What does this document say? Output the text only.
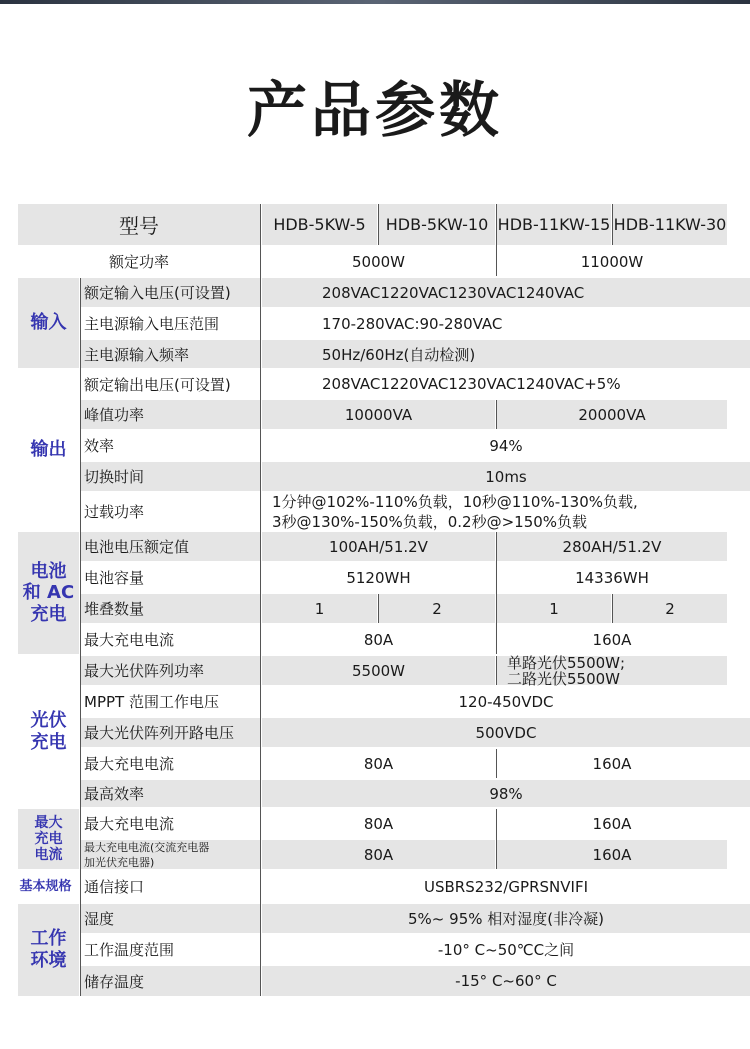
产品参数
型号	HDB-5KW-5	HDB-5KW-10 HDB-11KW-15 HDB-11KW-30
额定功率	5000W	11000W
输入
额定输入电压(可设置)	208VAC1220VAC1230VAC1240VAC
主电源输入电压范围	170-280VAC:90-280VAC
主电源输入频率	50Hz/60Hz(自动检测)
输出
额定输出电压(可设置)	208VAC1220VAC1230VAC1240VAC+5%
峰值功率	10000VA	20000VA
效率	94%
切换时间	10ms
过载功率
1分钟@102%-110%负载，10秒@110%-130%负载,
3秒@130%-150%负载，0.2秒@>150%负载
电池
和 AC
充电
电池电压额定值	100AH/51.2V	280AH/51.2V
电池容量	5120WH	14336WH
堆叠数量	1	2	1	2
最大充电电流	80A	160A
光伏
充电
最大光伏阵列功率	5500W	单路光伏5500W;
二路光伏5500W
MPPT 范围工作电压	120-450VDC
最大光伏阵列开路电压	500VDC
最大充电电流	80A	160A
最高效率	98%
最大
充电
电流
最大充电电流	80A	160A
最大充电电流(交流充电器
加光伏充电器)	80A	160A
基本规格 通信接口	USBRS232/GPRSNVIFI
工作
环境
湿度	5%~ 95% 相对湿度(非冷凝)
工作温度范围	-10° C~50℃C之间
储存温度	-15° C~60° C
